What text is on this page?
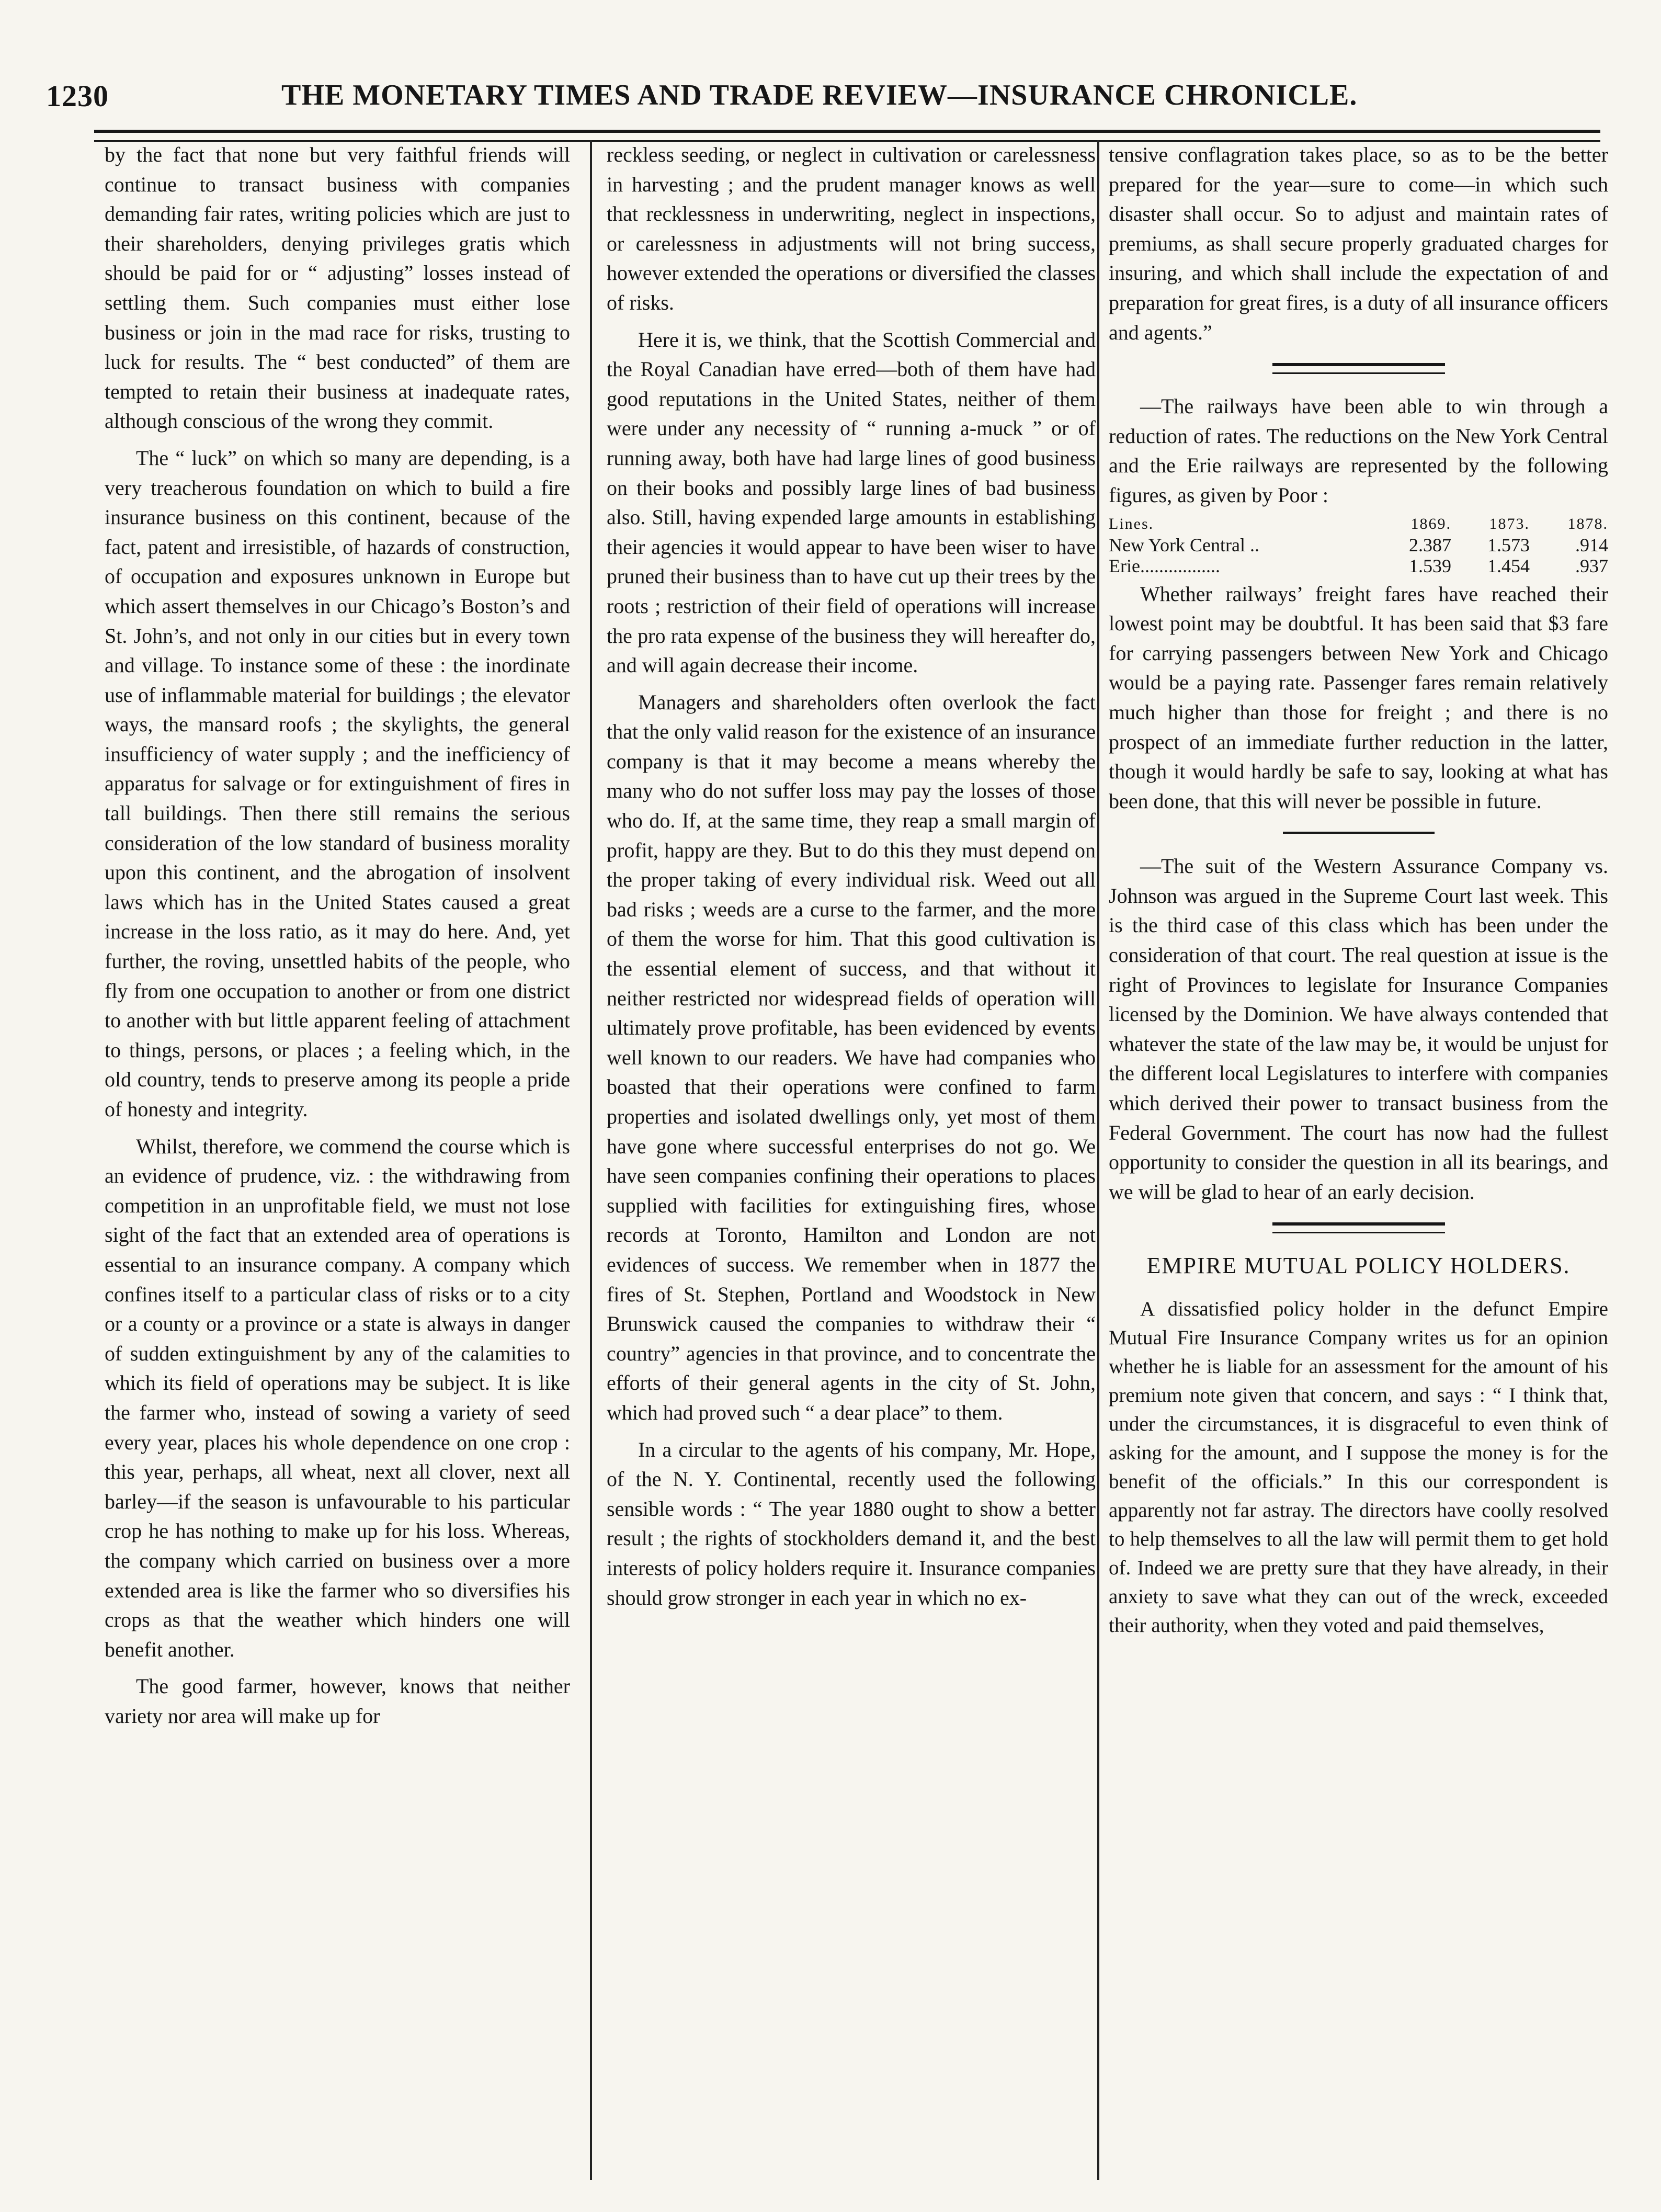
1230	THE MONETARY TIMES AND TRADE REVIEW—INSURANCE CHRONICLE.

by the fact that none but very faithful friends will continue to transact business with companies demanding fair rates, writing policies which are just to their shareholders, denying privileges gratis which should be paid for or “ adjusting” losses instead of settling them. Such companies must either lose business or join in the mad race for risks, trusting to luck for results. The “ best conducted” of them are tempted to retain their business at inadequate rates, although conscious of the wrong they commit.

The “ luck” on which so many are depending, is a very treacherous foundation on which to build a fire insurance business on this continent, because of the fact, patent and irresistible, of hazards of construction, of occupation and exposures unknown in Europe but which assert themselves in our Chicago’s Boston’s and St. John’s, and not only in our cities but in every town and village. To instance some of these : the inordinate use of inflammable material for buildings ; the elevator ways, the mansard roofs ; the skylights, the general insufficiency of water supply ; and the inefficiency of apparatus for salvage or for extinguishment of fires in tall buildings. Then there still remains the serious consideration of the low standard of business morality upon this continent, and the abrogation of insolvent laws which has in the United States caused a great increase in the loss ratio, as it may do here. And, yet further, the roving, unsettled habits of the people, who fly from one occupation to another or from one district to another with but little apparent feeling of attachment to things, persons, or places ; a feeling which, in the old country, tends to preserve among its people a pride of honesty and integrity.

Whilst, therefore, we commend the course which is an evidence of prudence, viz. : the withdrawing from competition in an unprofitable field, we must not lose sight of the fact that an extended area of operations is essential to an insurance company. A company which confines itself to a particular class of risks or to a city or a county or a province or a state is always in danger of sudden extinguishment by any of the calamities to which its field of operations may be subject. It is like the farmer who, instead of sowing a variety of seed every year, places his whole dependence on one crop : this year, perhaps, all wheat, next all clover, next all barley—if the season is unfavourable to his particular crop he has nothing to make up for his loss. Whereas, the company which carried on business over a more extended area is like the farmer who so diversifies his crops as that the weather which hinders one will benefit another.

The good farmer, however, knows that neither variety nor area will make up for

reckless seeding, or neglect in cultivation or carelessness in harvesting ; and the prudent manager knows as well that recklessness in underwriting, neglect in inspections, or carelessness in adjustments will not bring success, however extended the operations or diversified the classes of risks.

Here it is, we think, that the Scottish Commercial and the Royal Canadian have erred—both of them have had good reputations in the United States, neither of them were under any necessity of “ running a-muck ” or of running away, both have had large lines of good business on their books and possibly large lines of bad business also. Still, having expended large amounts in establishing their agencies it would appear to have been wiser to have pruned their business than to have cut up their trees by the roots ; restriction of their field of operations will increase the pro rata expense of the business they will hereafter do, and will again decrease their income.

Managers and shareholders often overlook the fact that the only valid reason for the existence of an insurance company is that it may become a means whereby the many who do not suffer loss may pay the losses of those who do. If, at the same time, they reap a small margin of profit, happy are they. But to do this they must depend on the proper taking of every individual risk. Weed out all bad risks ; weeds are a curse to the farmer, and the more of them the worse for him. That this good cultivation is the essential element of success, and that without it neither restricted nor widespread fields of operation will ultimately prove profitable, has been evidenced by events well known to our readers. We have had companies who boasted that their operations were confined to farm properties and isolated dwellings only, yet most of them have gone where successful enterprises do not go. We have seen companies confining their operations to places supplied with facilities for extinguishing fires, whose records at Toronto, Hamilton and London are not evidences of success. We remember when in 1877 the fires of St. Stephen, Portland and Woodstock in New Brunswick caused the companies to withdraw their “ country” agencies in that province, and to concentrate the efforts of their general agents in the city of St. John, which had proved such “ a dear place” to them.

In a circular to the agents of his company, Mr. Hope, of the N. Y. Continental, recently used the following sensible words : “ The year 1880 ought to show a better result ; the rights of stockholders demand it, and the best interests of policy holders require it. Insurance companies should grow stronger in each year in which no ex-

tensive conflagration takes place, so as to be the better prepared for the year—sure to come—in which such disaster shall occur. So to adjust and maintain rates of premiums, as shall secure properly graduated charges for insuring, and which shall include the expectation of and preparation for great fires, is a duty of all insurance officers and agents.”

—The railways have been able to win through a reduction of rates. The reductions on the New York Central and the Erie railways are represented by the following figures, as given by Poor :

Lines.	1869.	1873.	1878.
New York Central ..	2.387	1.573	.914
Erie.................	1.539	1.454	.937

Whether railways’ freight fares have reached their lowest point may be doubtful. It has been said that $3 fare for carrying passengers between New York and Chicago would be a paying rate. Passenger fares remain relatively much higher than those for freight ; and there is no prospect of an immediate further reduction in the latter, though it would hardly be safe to say, looking at what has been done, that this will never be possible in future.

—The suit of the Western Assurance Company vs. Johnson was argued in the Supreme Court last week. This is the third case of this class which has been under the consideration of that court. The real question at issue is the right of Provinces to legislate for Insurance Companies licensed by the Dominion. We have always contended that whatever the state of the law may be, it would be unjust for the different local Legislatures to interfere with companies which derived their power to transact business from the Federal Government. The court has now had the fullest opportunity to consider the question in all its bearings, and we will be glad to hear of an early decision.

EMPIRE MUTUAL POLICY HOLDERS.

A dissatisfied policy holder in the defunct Empire Mutual Fire Insurance Company writes us for an opinion whether he is liable for an assessment for the amount of his premium note given that concern, and says : “ I think that, under the circumstances, it is disgraceful to even think of asking for the amount, and I suppose the money is for the benefit of the officials.” In this our correspondent is apparently not far astray. The directors have coolly resolved to help themselves to all the law will permit them to get hold of. Indeed we are pretty sure that they have already, in their anxiety to save what they can out of the wreck, exceeded their authority, when they voted and paid themselves,
